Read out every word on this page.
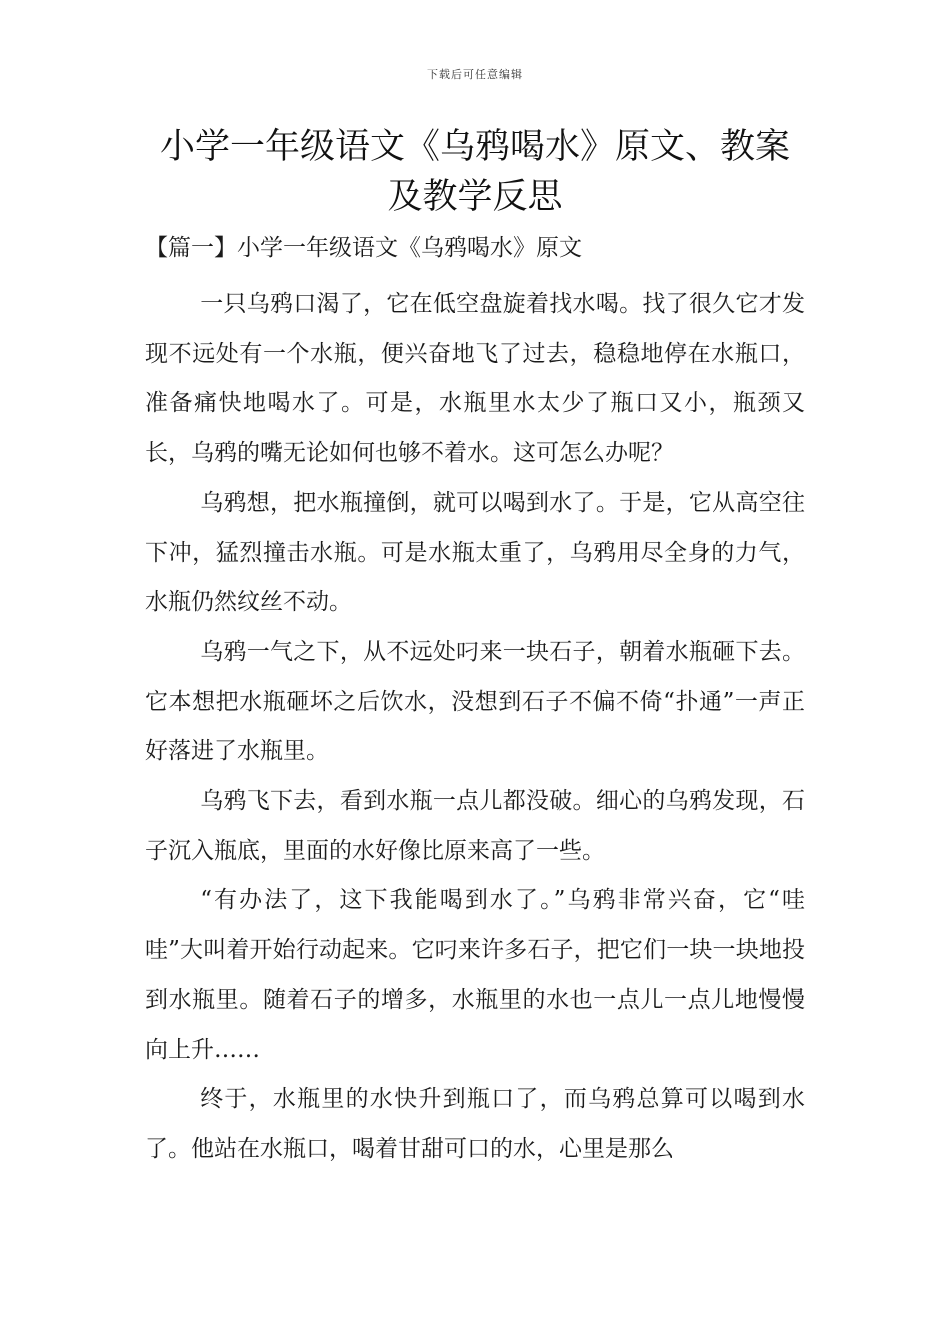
下载后可任意编辑
小学一年级语文《乌鸦喝水》原文、教案及教学反思
【篇一】小学一年级语文《乌鸦喝水》原文

一只乌鸦口渴了，它在低空盘旋着找水喝。找了很久它才发现不远处有一个水瓶，便兴奋地飞了过去，稳稳地停在水瓶口，准备痛快地喝水了。可是，水瓶里水太少了瓶口又小，瓶颈又长，乌鸦的嘴无论如何也够不着水。这可怎么办呢？

乌鸦想，把水瓶撞倒，就可以喝到水了。于是，它从高空往下冲，猛烈撞击水瓶。可是水瓶太重了，乌鸦用尽全身的力气，水瓶仍然纹丝不动。

乌鸦一气之下，从不远处叼来一块石子，朝着水瓶砸下去。它本想把水瓶砸坏之后饮水，没想到石子不偏不倚“扑通”一声正好落进了水瓶里。

乌鸦飞下去，看到水瓶一点儿都没破。细心的乌鸦发现，石子沉入瓶底，里面的水好像比原来高了一些。

“有办法了，这下我能喝到水了。”乌鸦非常兴奋，它“哇哇”大叫着开始行动起来。它叼来许多石子，把它们一块一块地投到水瓶里。随着石子的增多，水瓶里的水也一点儿一点儿地慢慢向上升……

终于，水瓶里的水快升到瓶口了，而乌鸦总算可以喝到水了。他站在水瓶口，喝着甘甜可口的水，心里是那么
